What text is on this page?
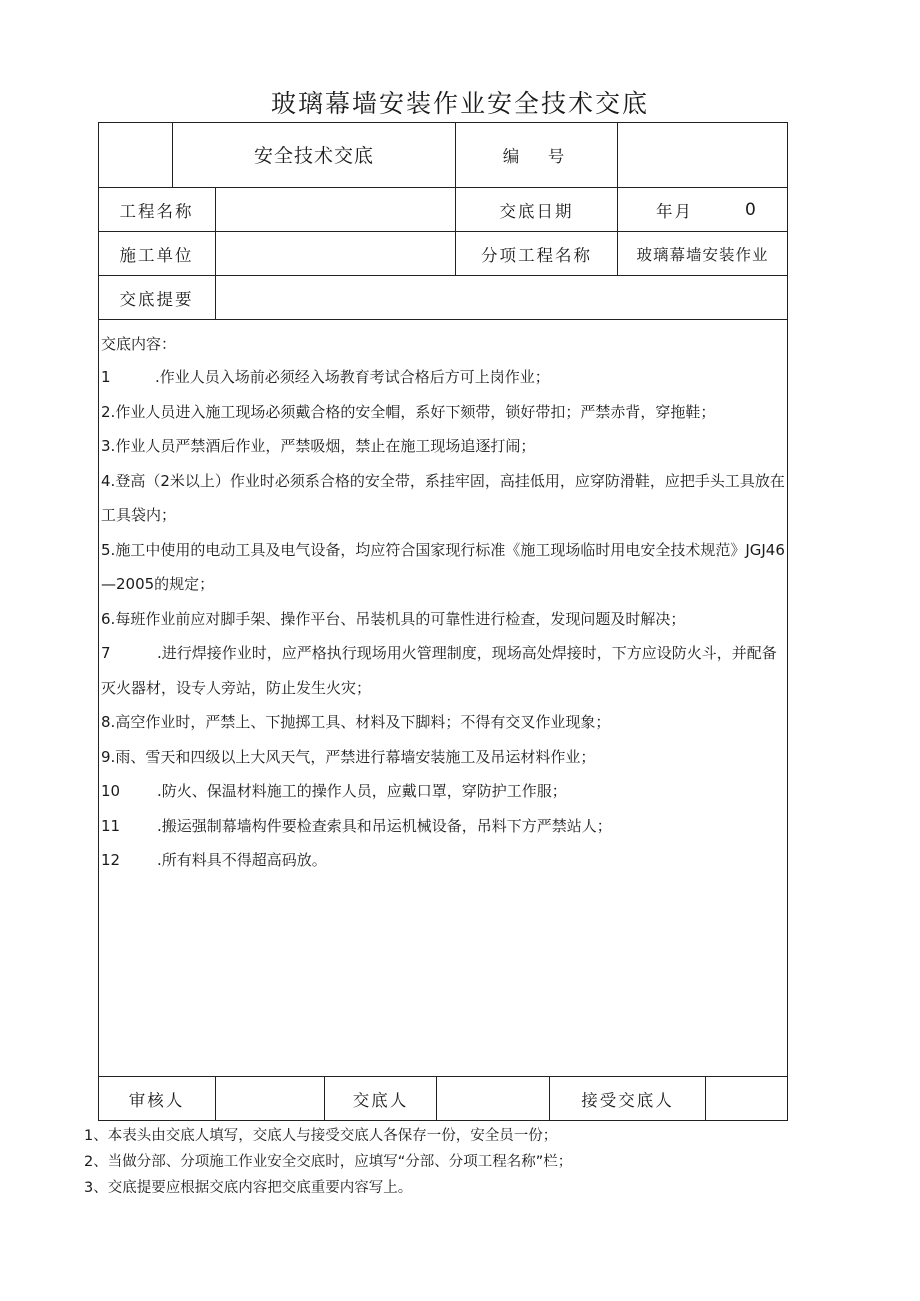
玻璃幕墙安装作业安全技术交底
安全技术交底	编　号
工程名称	交底日期	年月	0
施工单位	分项工程名称	玻璃幕墙安装作业
交底提要

交底内容：

1	.作业人员入场前必须经入场教育考试合格后方可上岗作业；

2.作业人员进入施工现场必须戴合格的安全帽，系好下颏带，锁好带扣；严禁赤背，穿拖鞋；

3.作业人员严禁酒后作业，严禁吸烟，禁止在施工现场追逐打闹；

4.登高（2米以上）作业时必须系合格的安全带，系挂牢固，高挂低用，应穿防滑鞋，应把手头工具放在工具袋内；

5.施工中使用的电动工具及电气设备，均应符合国家现行标准《施工现场临时用电安全技术规范》JGJ46—2005的规定；

6.每班作业前应对脚手架、操作平台、吊装机具的可靠性进行检查，发现问题及时解决；

7	.进行焊接作业时，应严格执行现场用火管理制度，现场高处焊接时，下方应设防火斗，并配备灭火器材，设专人旁站，防止发生火灾；

8.高空作业时，严禁上、下抛掷工具、材料及下脚料；不得有交叉作业现象；

9.雨、雪天和四级以上大风天气，严禁进行幕墙安装施工及吊运材料作业；

10 .防火、保温材料施工的操作人员，应戴口罩，穿防护工作服；

11 .搬运强制幕墙构件要检查索具和吊运机械设备，吊料下方严禁站人；

12 .所有料具不得超高码放。

审核人	交底人	接受交底人

1、本表头由交底人填写，交底人与接受交底人各保存一份，安全员一份；

2、当做分部、分项施工作业安全交底时，应填写“分部、分项工程名称”栏；

3、交底提要应根据交底内容把交底重要内容写上。
